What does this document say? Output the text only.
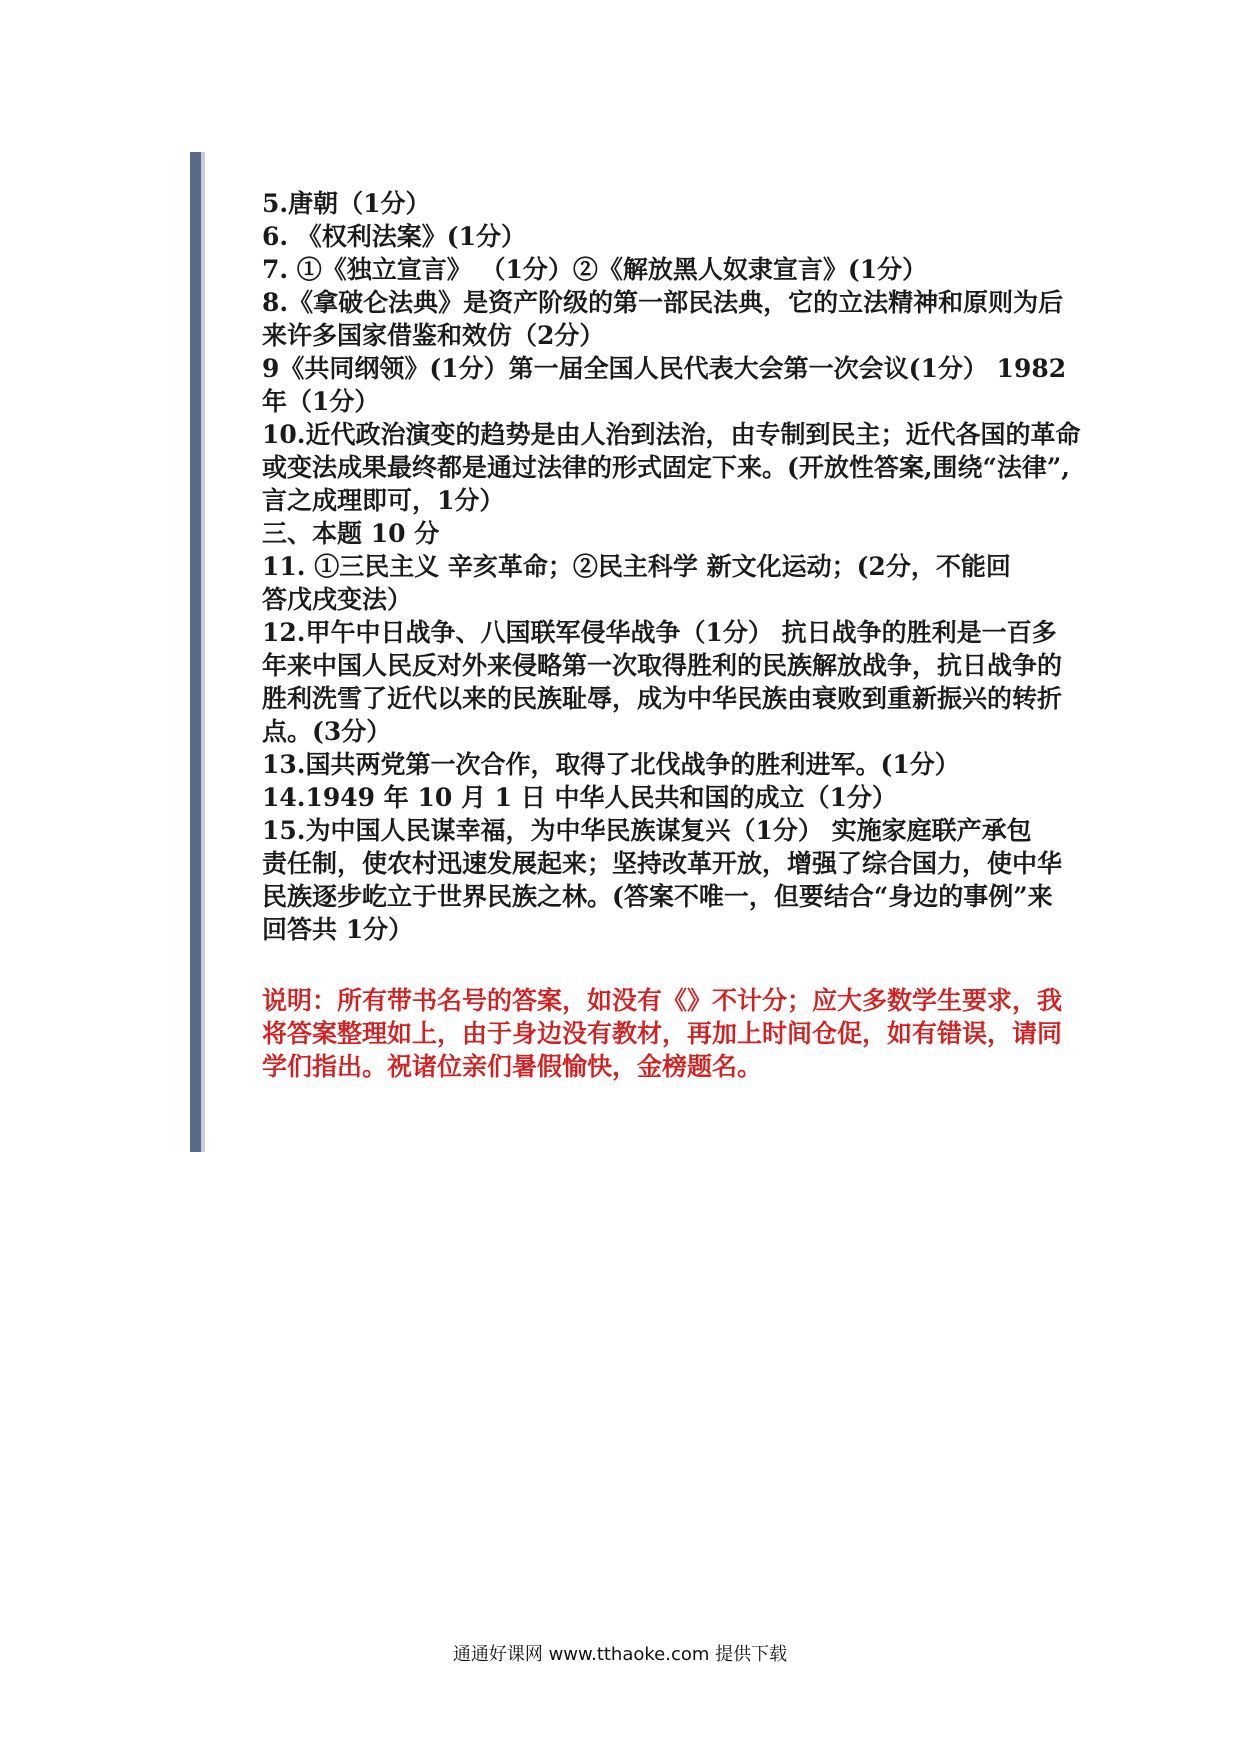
5.唐朝（1分）
6. 《权利法案》(1分）
7. ①《独立宣言》 （1分）②《解放黑人奴隶宣言》(1分）
8.《拿破仑法典》是资产阶级的第一部民法典，它的立法精神和原则为后
来许多国家借鉴和效仿（2分）
9《共同纲领》(1分）第一届全国人民代表大会第一次会议(1分） 1982
年（1分）
10.近代政治演变的趋势是由人治到法治，由专制到民主；近代各国的革命
或变法成果最终都是通过法律的形式固定下来。(开放性答案,围绕“法律”,
言之成理即可，1分）
三、本题 10 分
11. ①三民主义 辛亥革命；②民主科学 新文化运动；(2分，不能回
答戊戌变法）
12.甲午中日战争、八国联军侵华战争（1分） 抗日战争的胜利是一百多
年来中国人民反对外来侵略第一次取得胜利的民族解放战争，抗日战争的
胜利洗雪了近代以来的民族耻辱，成为中华民族由衰败到重新振兴的转折
点。(3分）
13.国共两党第一次合作，取得了北伐战争的胜利进军。(1分）
14.1949 年 10 月 1 日 中华人民共和国的成立（1分）
15.为中国人民谋幸福，为中华民族谋复兴（1分） 实施家庭联产承包
责任制，使农村迅速发展起来；坚持改革开放，增强了综合国力，使中华
民族逐步屹立于世界民族之林。(答案不唯一，但要结合“身边的事例”来
回答共 1分）
说明：所有带书名号的答案，如没有《》不计分；应大多数学生要求，我
将答案整理如上，由于身边没有教材，再加上时间仓促，如有错误，请同
学们指出。祝诸位亲们暑假愉快，金榜题名。
通通好课网 www.tthaoke.com 提供下载
